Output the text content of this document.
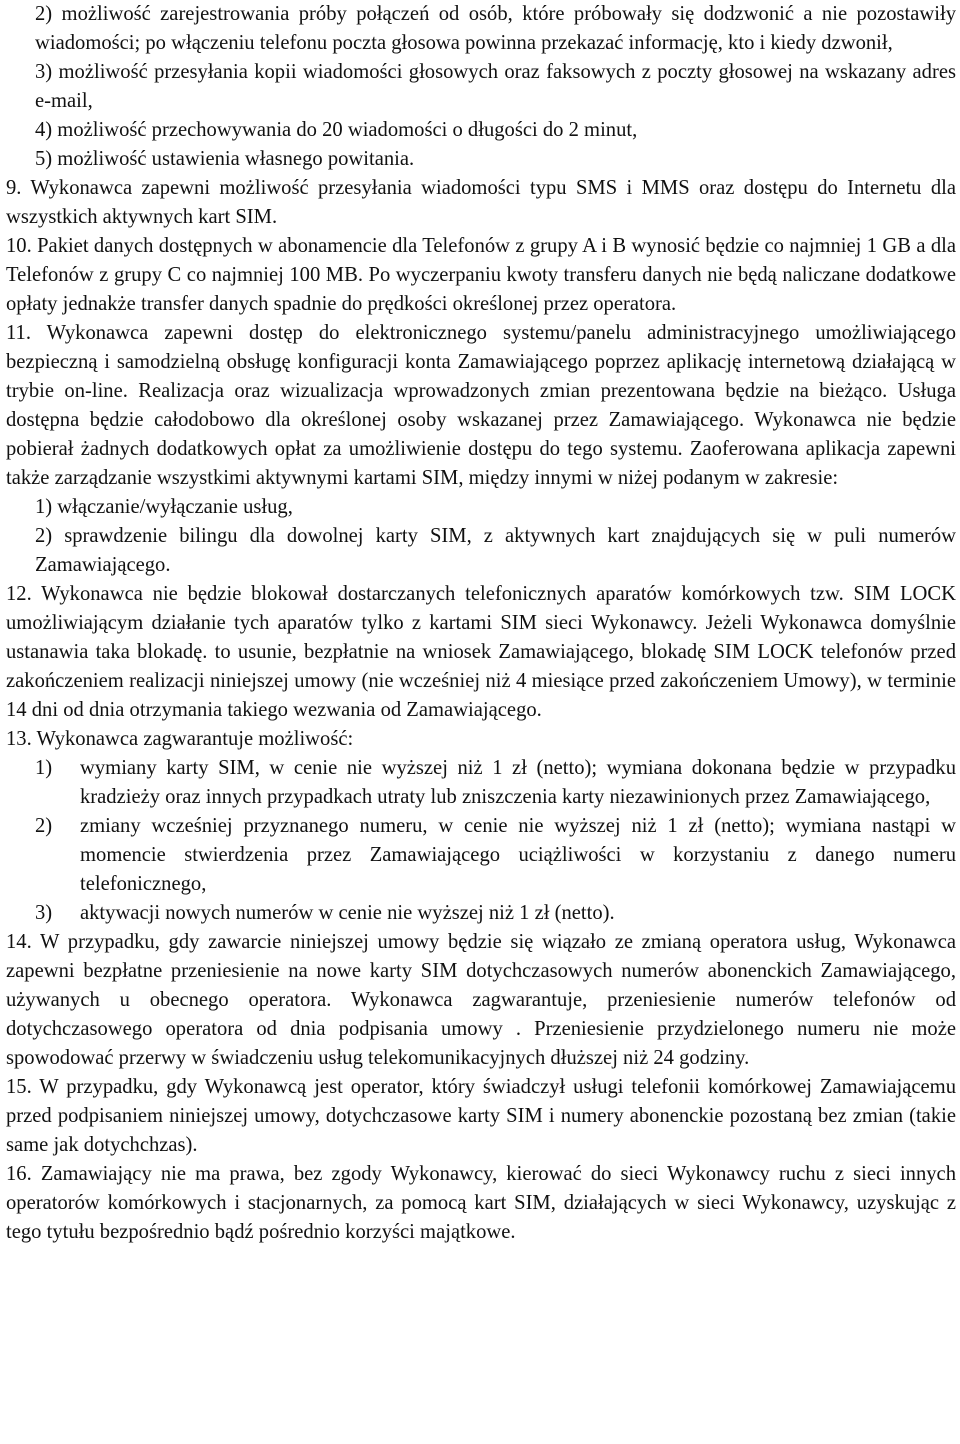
2) możliwość zarejestrowania próby połączeń od osób, które próbowały się dodzwonić a nie pozostawiły wiadomości; po włączeniu telefonu poczta głosowa powinna przekazać informację, kto i kiedy dzwonił,

3) możliwość przesyłania kopii wiadomości głosowych oraz faksowych z poczty głosowej na wskazany adres e-mail,

4) możliwość przechowywania do 20 wiadomości o długości do 2 minut,

5) możliwość ustawienia własnego powitania.

9. Wykonawca zapewni możliwość przesyłania wiadomości typu SMS i MMS oraz dostępu do Internetu dla wszystkich aktywnych kart SIM.

10. Pakiet danych dostępnych w abonamencie dla Telefonów z grupy A i B wynosić będzie co najmniej 1 GB a dla Telefonów z grupy C co najmniej 100 MB. Po wyczerpaniu kwoty transferu danych nie będą naliczane dodatkowe opłaty jednakże transfer danych spadnie do prędkości określonej przez operatora.

11. Wykonawca zapewni dostęp do elektronicznego systemu/panelu administracyjnego umożliwiającego bezpieczną i samodzielną obsługę konfiguracji konta Zamawiającego poprzez aplikację internetową działającą w trybie on-line. Realizacja oraz wizualizacja wprowadzonych zmian prezentowana będzie na bieżąco. Usługa dostępna będzie całodobowo dla określonej osoby wskazanej przez Zamawiającego. Wykonawca nie będzie pobierał żadnych dodatkowych opłat za umożliwienie dostępu do tego systemu. Zaoferowana aplikacja zapewni także zarządzanie wszystkimi aktywnymi kartami SIM, między innymi w niżej podanym w zakresie:

1) włączanie/wyłączanie usług,

2) sprawdzenie bilingu dla dowolnej karty SIM, z aktywnych kart znajdujących się w puli numerów Zamawiającego.

12. Wykonawca nie będzie blokował dostarczanych telefonicznych aparatów komórkowych tzw. SIM LOCK umożliwiającym działanie tych aparatów tylko z kartami SIM sieci Wykonawcy. Jeżeli Wykonawca domyślnie ustanawia taka blokadę. to usunie, bezpłatnie na wniosek Zamawiającego, blokadę SIM LOCK telefonów przed zakończeniem realizacji niniejszej umowy (nie wcześniej niż 4 miesiące przed zakończeniem Umowy), w terminie 14 dni od dnia otrzymania takiego wezwania od Zamawiającego.

13. Wykonawca zagwarantuje możliwość:

1)	wymiany karty SIM, w cenie nie wyższej niż 1 zł (netto); wymiana dokonana będzie w przypadku kradzieży oraz innych przypadkach utraty lub zniszczenia karty niezawinionych przez Zamawiającego,
2)	zmiany wcześniej przyznanego numeru, w cenie nie wyższej niż 1 zł (netto); wymiana nastąpi w momencie stwierdzenia przez Zamawiającego uciążliwości w korzystaniu z danego numeru telefonicznego,
3)	aktywacji nowych numerów w cenie nie wyższej niż 1 zł (netto).

14. W przypadku, gdy zawarcie niniejszej umowy będzie się wiązało ze zmianą operatora usług, Wykonawca zapewni bezpłatne przeniesienie na nowe karty SIM dotychczasowych numerów abonenckich Zamawiającego, używanych u obecnego operatora. Wykonawca zagwarantuje, przeniesienie numerów telefonów od dotychczasowego operatora od dnia podpisania umowy . Przeniesienie przydzielonego numeru nie może spowodować przerwy w świadczeniu usług telekomunikacyjnych dłuższej niż 24 godziny.

15. W przypadku, gdy Wykonawcą jest operator, który świadczył usługi telefonii komórkowej Zamawiającemu przed podpisaniem niniejszej umowy, dotychczasowe karty SIM i numery abonenckie pozostaną bez zmian (takie same jak dotychchzas).

16. Zamawiający nie ma prawa, bez zgody Wykonawcy, kierować do sieci Wykonawcy ruchu z sieci innych operatorów komórkowych i stacjonarnych, za pomocą kart SIM, działających w sieci Wykonawcy, uzyskując z tego tytułu bezpośrednio bądź pośrednio korzyści majątkowe.
